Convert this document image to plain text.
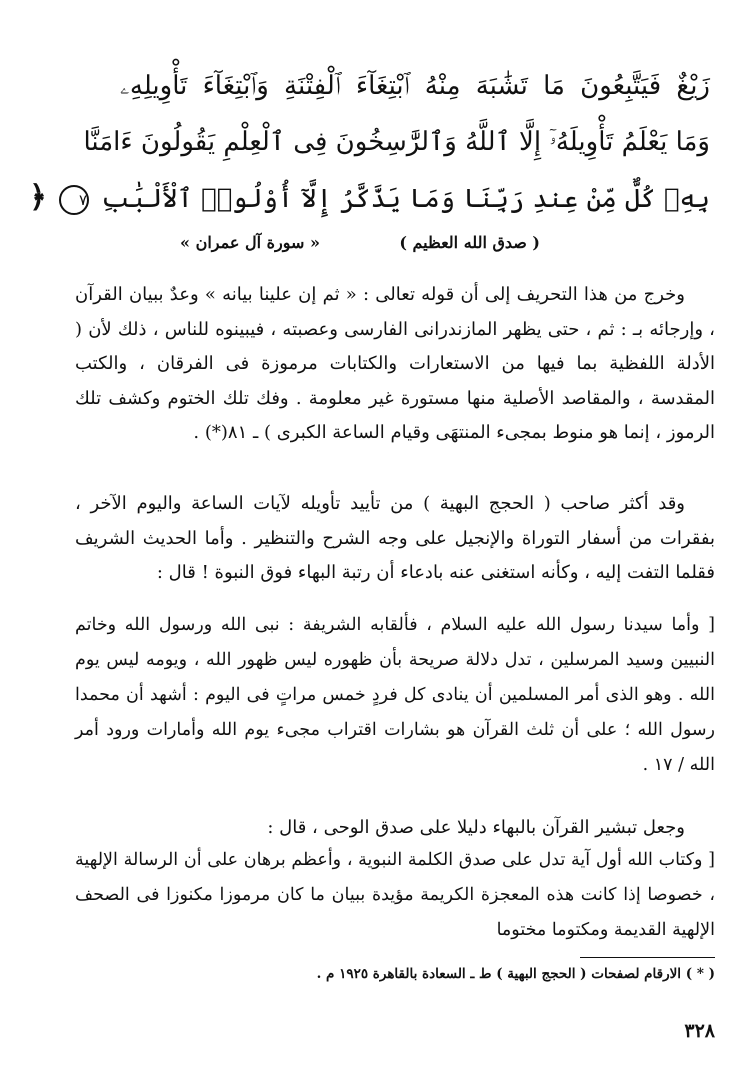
زَيْغٌ فَيَتَّبِعُونَ مَا تَشَٰبَهَ مِنْهُ ٱبْتِغَآءَ ٱلْفِتْنَةِ وَٱبْتِغَآءَ تَأْوِيلِهِۦ
وَمَا يَعْلَمُ تَأْوِيلَهُۥٓ إِلَّا ٱللَّهُ وَٱلرَّٰسِخُونَ فِى ٱلْعِلْمِ يَقُولُونَ ءَامَنَّا
بِهِۦ كُلٌّ مِّنْ عِندِ رَبِّنَا وَمَا يَذَّكَّرُ إِلَّآ أُوْلُوا۟ ٱلْأَلْبَٰبِ ٧ ﴿
( صدق الله العظيم )
« سورة آل عمران »

وخرج من هذا التحريف إلى أن قوله تعالى : « ثم إن علينا بيانه » وعدٌ ببيان القرآن ، وإرجائه بـ : ثم ، حتى يظهر المازندرانى الفارسى وعصبته ، فيبينوه للناس ، ذلك لأن ( الأدلة اللفظية بما فيها من الاستعارات والكتابات مرموزة فى الفرقان ، والكتب المقدسة ، والمقاصد الأصلية منها مستورة غير معلومة . وفك تلك الختوم وكشف تلك الرموز ، إنما هو منوط بمجىء المنتهَى وقيام الساعة الكبرى ) ـ ٨١(*) .

وقد أكثر صاحب ( الحجج البهية ) من تأييد تأويله لآيات الساعة واليوم الآخر ، بفقرات من أسفار التوراة والإنجيل على وجه الشرح والتنظير . وأما الحديث الشريف فقلما التفت إليه ، وكأنه استغنى عنه بادعاء أن رتبة البهاء فوق النبوة ! قال :

[ وأما سيدنا رسول الله عليه السلام ، فألقابه الشريفة : نبى الله ورسول الله وخاتم النبيين وسيد المرسلين ، تدل دلالة صريحة بأن ظهوره ليس ظهور الله ، ويومه ليس يوم الله . وهو الذى أمر المسلمين أن ينادى كل فردٍ خمس مراتٍ فى اليوم : أشهد أن محمدا رسول الله ؛ على أن ثلث القرآن هو بشارات اقتراب مجىء يوم الله وأمارات ورود أمر الله / ١٧ .

وجعل تبشير القرآن بالبهاء دليلا على صدق الوحى ، قال :

[ وكتاب الله أول آية تدل على صدق الكلمة النبوية ، وأعظم برهان على أن الرسالة الإلهية ، خصوصا إذا كانت هذه المعجزة الكريمة مؤيدة ببيان ما كان مرموزا مكنوزا فى الصحف الإلهية القديمة ومكتوما مختوما

( * ) الارقام لصفحات ( الحجج البهية ) ط ـ السعادة بالقاهرة ١٩٢٥ م .
٣٢٨
